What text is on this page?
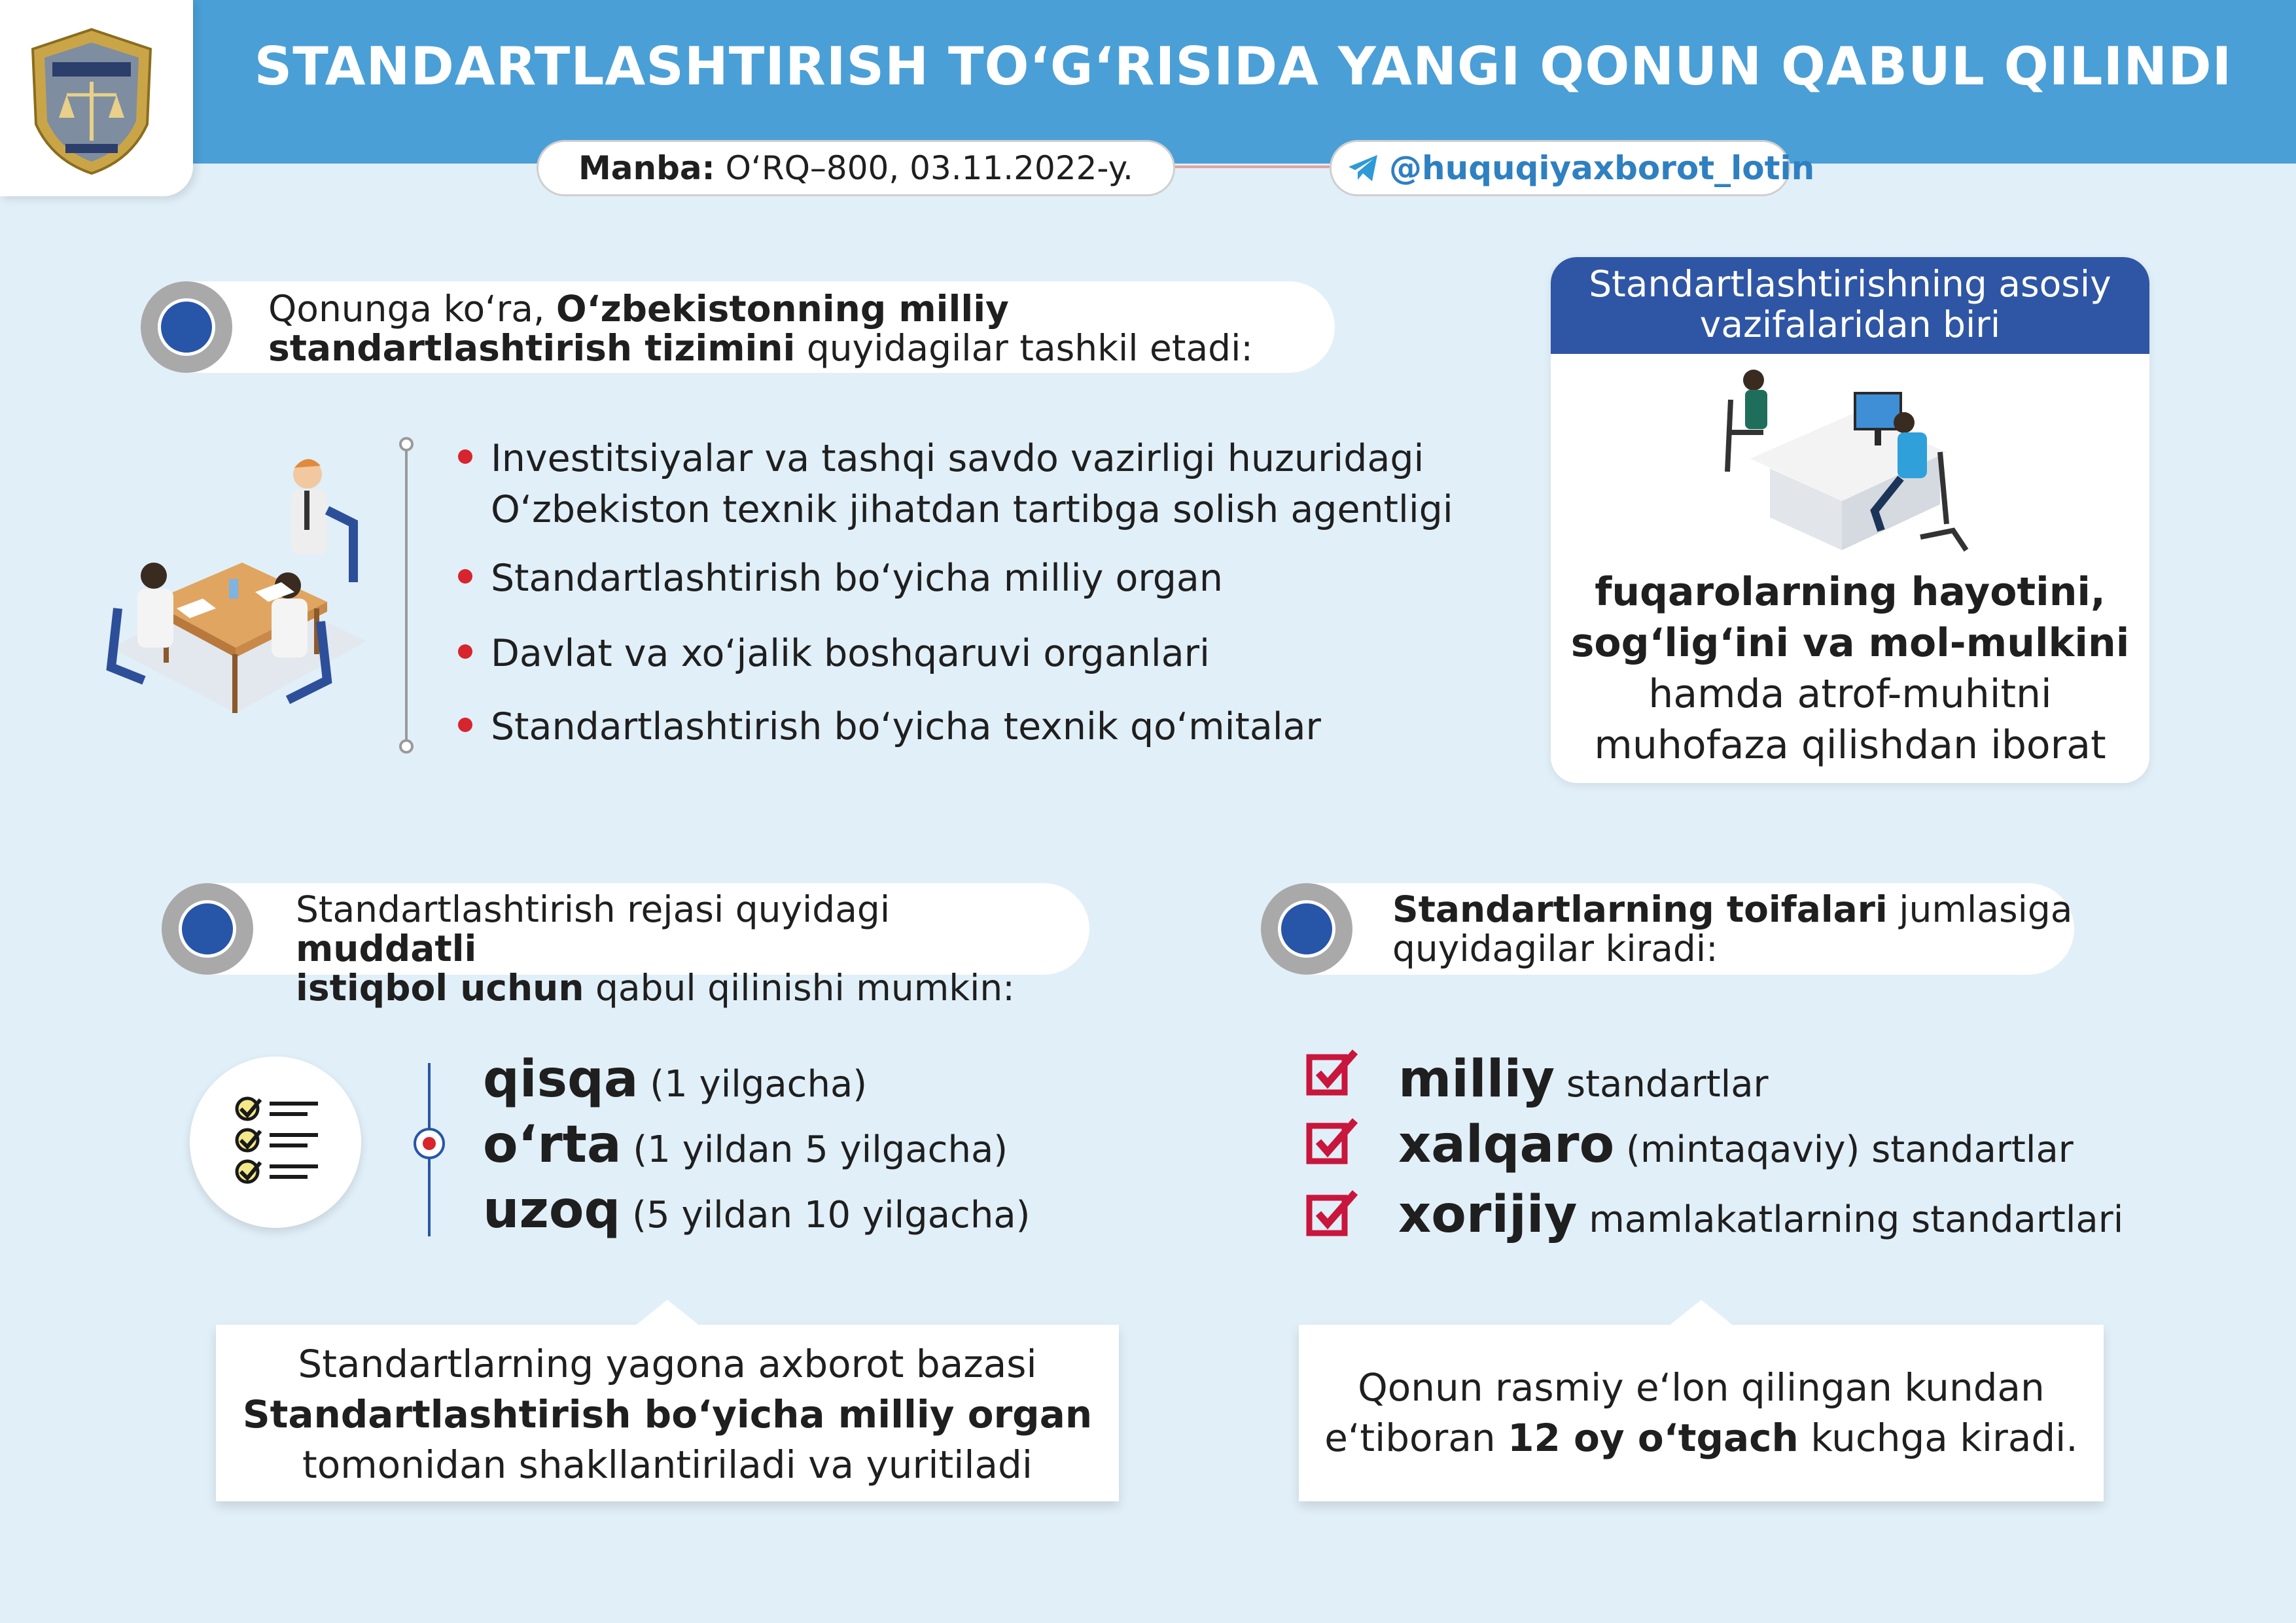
STANDARTLASHTIRISH TO‘G‘RISIDA YANGI QONUN QABUL QILINDI
Manba: O‘RQ–800, 03.11.2022-y.	@huquqiyaxborot_lotin
Qonunga ko‘ra, O‘zbekistonning milliy standartlashtirish tizimini quyidagilar tashkil etadi:
Investitsiyalar va tashqi savdo vazirligi huzuridagi
O‘zbekiston texnik jihatdan tartibga solish agentligi
Standartlashtirish bo‘yicha milliy organ
Davlat va xo‘jalik boshqaruvi organlari
Standartlashtirish bo‘yicha texnik qo‘mitalar
Standartlashtirishning asosiy
vazifalaridan biri
fuqarolarning hayotini,
sog‘lig‘ini va mol-mulkini
hamda atrof-muhitni
muhofaza qilishdan iborat
Standartlashtirish rejasi quyidagi muddatli
istiqbol uchun qabul qilinishi mumkin:
qisqa (1 yilgacha)
o‘rta (1 yildan 5 yilgacha)
uzoq (5 yildan 10 yilgacha)
Standartlarning toifalari jumlasiga
quyidagilar kiradi:
milliy standartlar
xalqaro (mintaqaviy) standartlar
xorijiy mamlakatlarning standartlari
Standartlarning yagona axborot bazasi
Standartlashtirish bo‘yicha milliy organ
tomonidan shakllantiriladi va yuritiladi
Qonun rasmiy e‘lon qilingan kundan
e‘tiboran 12 oy o‘tgach kuchga kiradi.
